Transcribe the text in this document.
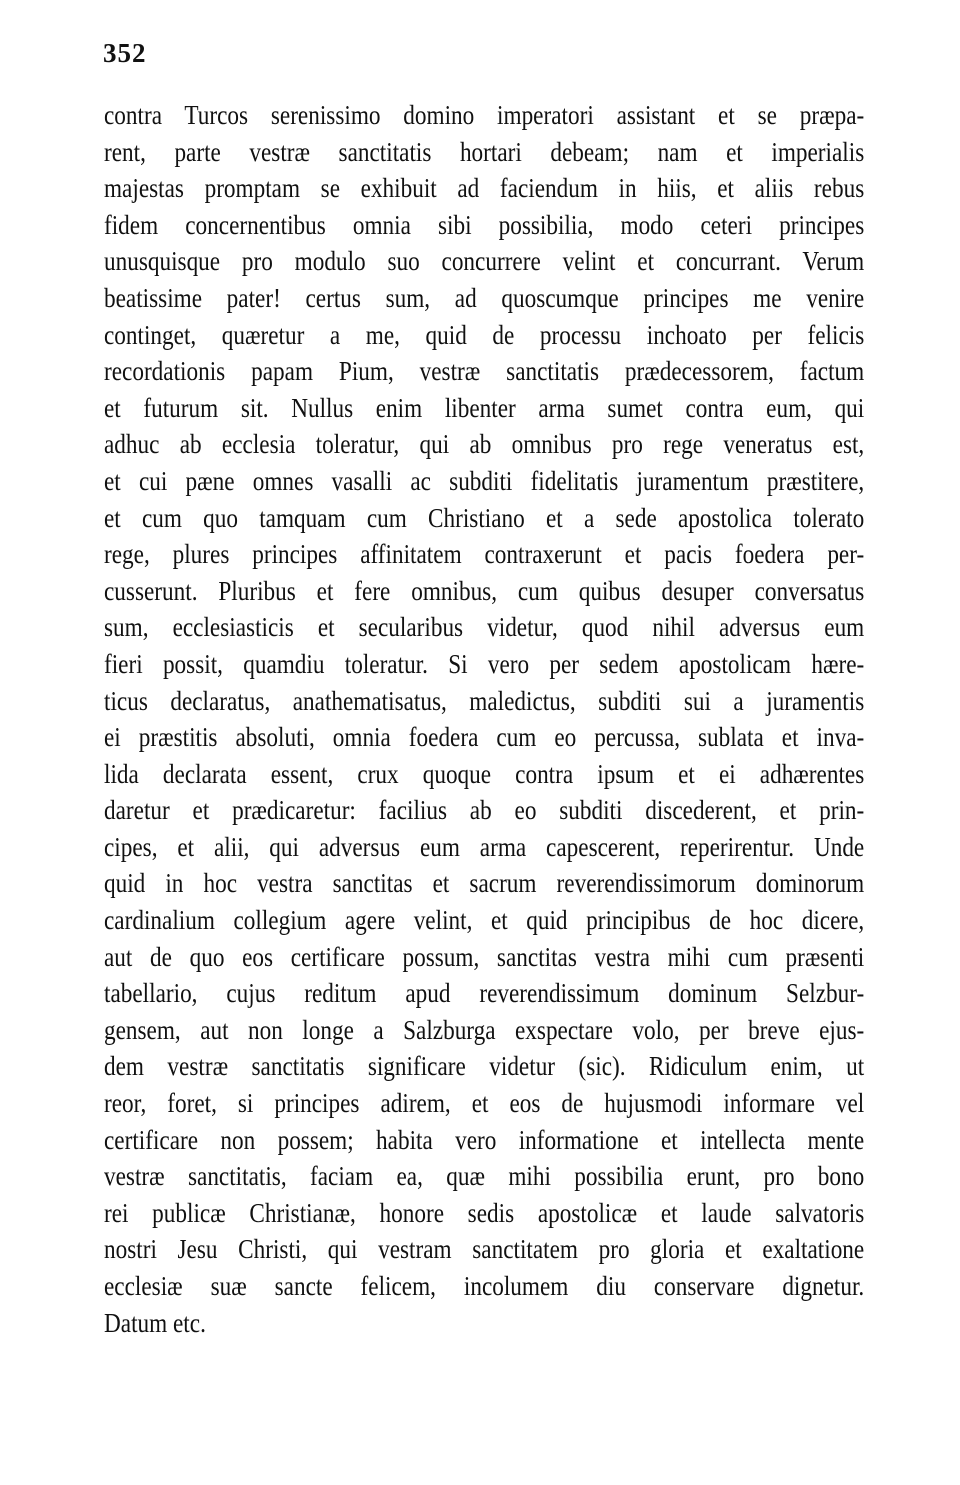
352
contra Turcos serenissimo domino imperatori assistant et se præpa-
rent, parte vestræ sanctitatis hortari debeam; nam et imperialis
majestas promptam se exhibuit ad faciendum in hiis, et aliis rebus
fidem concernentibus omnia sibi possibilia, modo ceteri principes
unusquisque pro modulo suo concurrere velint et concurrant. Verum
beatissime pater! certus sum, ad quoscumque principes me venire
continget, quæretur a me, quid de processu inchoato per felicis
recordationis papam Pium, vestræ sanctitatis prædecessorem, factum
et futurum sit. Nullus enim libenter arma sumet contra eum, qui
adhuc ab ecclesia toleratur, qui ab omnibus pro rege veneratus est,
et cui pæne omnes vasalli ac subditi fidelitatis juramentum præstitere,
et cum quo tamquam cum Christiano et a sede apostolica tolerato
rege, plures principes affinitatem contraxerunt et pacis foedera per-
cusserunt. Pluribus et fere omnibus, cum quibus desuper conversatus
sum, ecclesiasticis et secularibus videtur, quod nihil adversus eum
fieri possit, quamdiu toleratur. Si vero per sedem apostolicam hære-
ticus declaratus, anathematisatus, maledictus, subditi sui a juramentis
ei præstitis absoluti, omnia foedera cum eo percussa, sublata et inva-
lida declarata essent, crux quoque contra ipsum et ei adhærentes
daretur et prædicaretur: facilius ab eo subditi discederent, et prin-
cipes, et alii, qui adversus eum arma capescerent, reperirentur. Unde
quid in hoc vestra sanctitas et sacrum reverendissimorum dominorum
cardinalium collegium agere velint, et quid principibus de hoc dicere,
aut de quo eos certificare possum, sanctitas vestra mihi cum præsenti
tabellario, cujus reditum apud reverendissimum dominum Selzbur-
gensem, aut non longe a Salzburga exspectare volo, per breve ejus-
dem vestræ sanctitatis significare videtur (sic). Ridiculum enim, ut
reor, foret, si principes adirem, et eos de hujusmodi informare vel
certificare non possem; habita vero informatione et intellecta mente
vestræ sanctitatis, faciam ea, quæ mihi possibilia erunt, pro bono
rei publicæ Christianæ, honore sedis apostolicæ et laude salvatoris
nostri Jesu Christi, qui vestram sanctitatem pro gloria et exaltatione
ecclesiæ suæ sancte felicem, incolumem diu conservare dignetur.
Datum etc.
